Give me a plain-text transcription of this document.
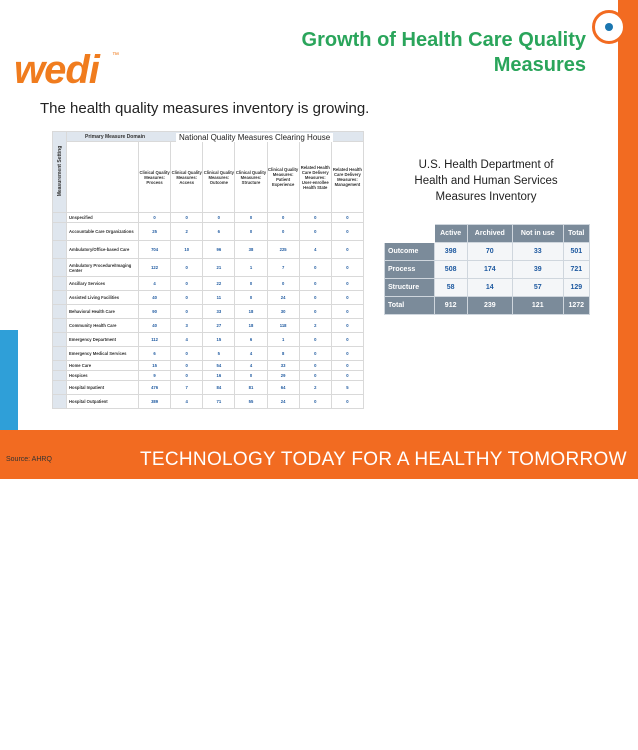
wedi ™
Growth of Health Care Quality
Measures
The health quality measures inventory is growing.
Measurement Setting	Primary Measure Domain							
		Clinical Quality Measures: Process	Clinical Quality Measures: Access	Clinical Quality Measures: Outcome	Clinical Quality Measures: Structure	Clinical Quality Measures: Patient Experience	Related Health Care Delivery Measures: User-enrollee Health State	Related Health Care Delivery Measures: Management
	Unspecified	0	0	0	0	0	0	0
	Accountable Care Organizations	25	2	6	0	0	0	0
	Ambulatory/Office-based Care	704	10	96	38	225	4	0
	Ambulatory Procedure/Imaging Center	122	0	21	1	7	0	0
	Ancillary Services	4	0	22	0	0	0	0
	Assisted Living Facilities	40	0	11	0	24	0	0
	Behavioral Health Care	90	0	33	18	30	0	0
	Community Health Care	40	3	27	18	118	2	0
	Emergency Department	112	4	15	6	1	0	0
	Emergency Medical Services	6	0	5	4	8	0	0
	Home Care	15	0	54	4	33	0	0
	Hospices	9	0	16	0	29	0	0
	Hospital Inpatient	476	7	84	81	64	2	5
	Hospital Outpatient	389	4	71	55	24	0	0
National Quality Measures Clearing House
U.S. Health Department of
Health and Human Services
Measures Inventory
	Active	Archived	Not in use	Total
Outcome	398	70	33	501
Process	508	174	39	721
Structure	58	14	57	129
Total	912	239	121	1272
WEDI.COM
TECHNOLOGY TODAY FOR A HEALTHY TOMORROW
Source: AHRQ
